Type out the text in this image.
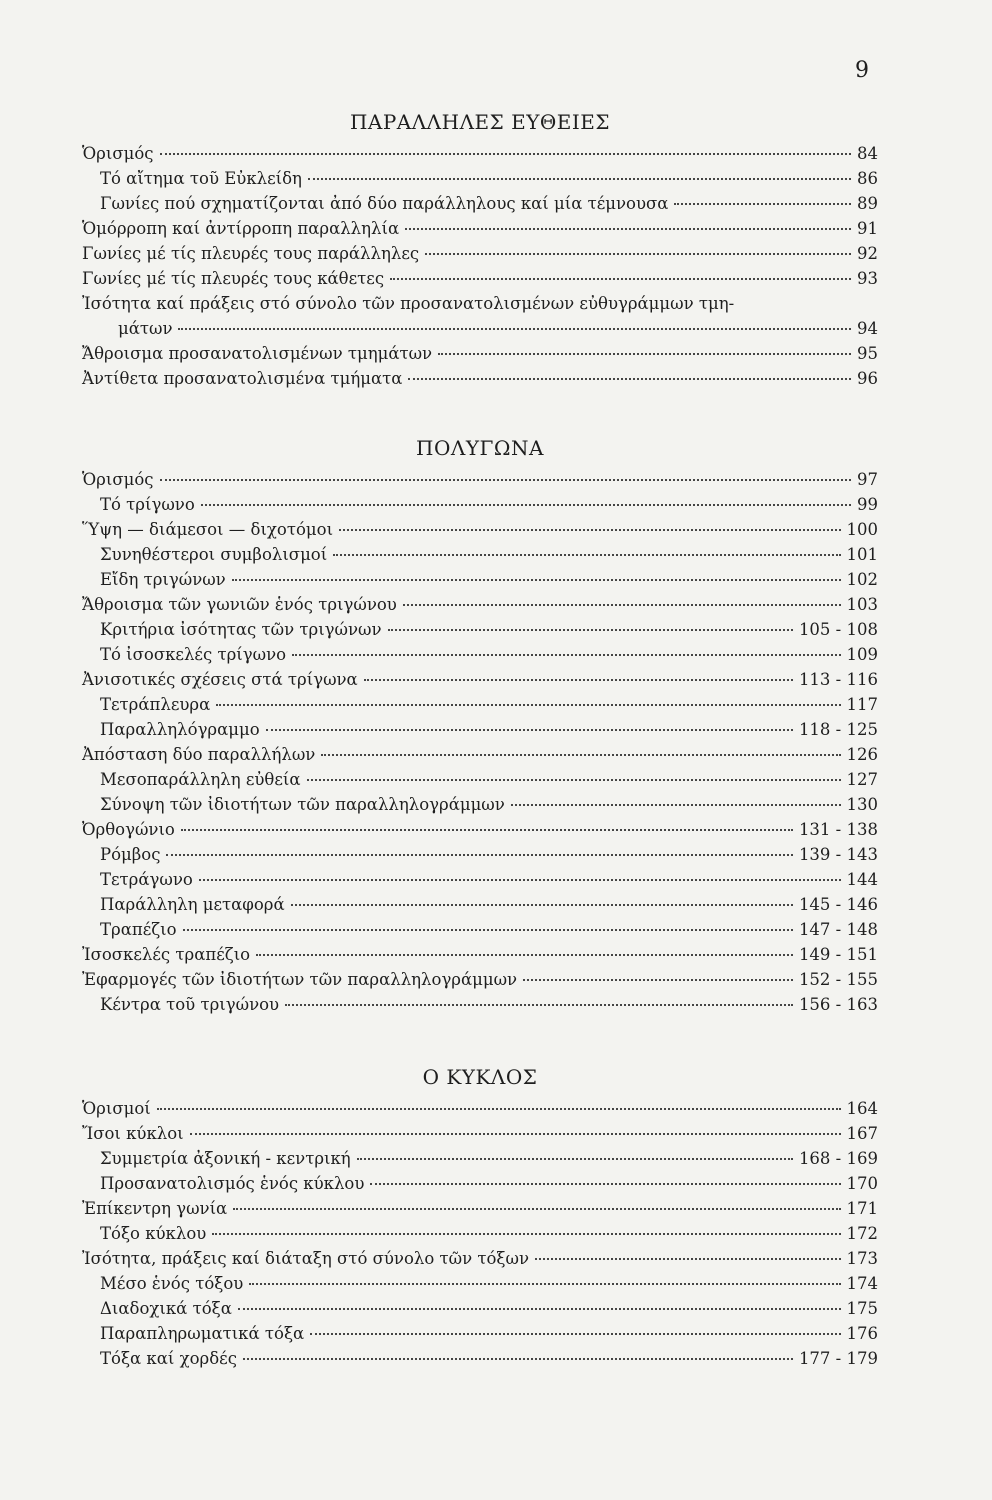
9
ΠΑΡΑΛΛΗΛΕΣ ΕΥΘΕΙΕΣ
Ὁρισμός	84
Τό αἴτημα τοῦ Εὐκλείδη	86
Γωνίες πού σχηματίζονται ἀπό δύο παράλληλους καί μία τέμνουσα	89
Ὁμόρροπη καί ἀντίρροπη παραλληλία	91
Γωνίες μέ τίς πλευρές τους παράλληλες	92
Γωνίες μέ τίς πλευρές τους κάθετες	93
Ἰσότητα καί πράξεις στό σύνολο τῶν προσανατολισμένων εὐθυγράμμων τμη-
μάτων	94
Ἄθροισμα προσανατολισμένων τμημάτων	95
Ἀντίθετα προσανατολισμένα τμήματα	96
ΠΟΛΥΓΩΝΑ
Ὁρισμός	97
Τό τρίγωνο	99
Ὕψη — διάμεσοι — διχοτόμοι	100
Συνηθέστεροι συμβολισμοί	101
Εἴδη τριγώνων	102
Ἄθροισμα τῶν γωνιῶν ἑνός τριγώνου	103
Κριτήρια ἰσότητας τῶν τριγώνων	105 - 108
Τό ἰσοσκελές τρίγωνο	109
Ἀνισοτικές σχέσεις στά τρίγωνα	113 - 116
Τετράπλευρα	117
Παραλληλόγραμμο	118 - 125
Ἀπόσταση δύο παραλλήλων	126
Μεσοπαράλληλη εὐθεία	127
Σύνοψη τῶν ἰδιοτήτων τῶν παραλληλογράμμων	130
Ὀρθογώνιο	131 - 138
Ρόμβος	139 - 143
Τετράγωνο	144
Παράλληλη μεταφορά	145 - 146
Τραπέζιο	147 - 148
Ἰσοσκελές τραπέζιο	149 - 151
Ἐφαρμογές τῶν ἰδιοτήτων τῶν παραλληλογράμμων	152 - 155
Κέντρα τοῦ τριγώνου	156 - 163
Ο ΚΥΚΛΟΣ
Ὁρισμοί	164
Ἴσοι κύκλοι	167
Συμμετρία ἀξονική - κεντρική	168 - 169
Προσανατολισμός ἑνός κύκλου	170
Ἐπίκεντρη γωνία	171
Τόξο κύκλου	172
Ἰσότητα, πράξεις καί διάταξη στό σύνολο τῶν τόξων	173
Μέσο ἑνός τόξου	174
Διαδοχικά τόξα	175
Παραπληρωματικά τόξα	176
Τόξα καί χορδές	177 - 179
